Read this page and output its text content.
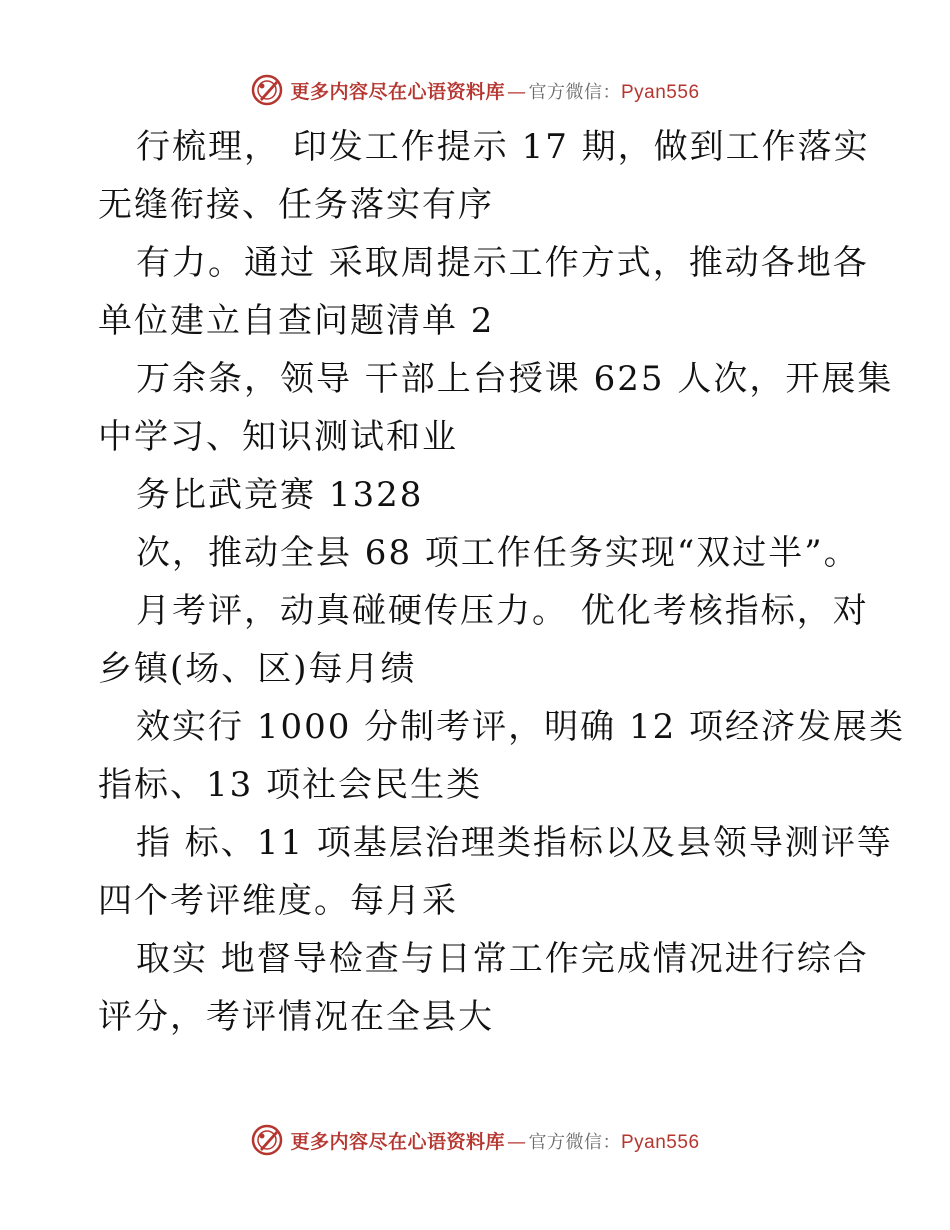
更多内容尽在心语资料库 — 官方微信： Pyan556
行梳理， 印发工作提示 17 期，做到工作落实
无缝衔接、任务落实有序
有力。通过 采取周提示工作方式，推动各地各
单位建立自查问题清单 2
万余条，领导 干部上台授课 625 人次，开展集
中学习、知识测试和业
务比武竞赛 1328
次，推动全县 68 项工作任务实现“双过半”。
月考评，动真碰硬传压力。 优化考核指标，对
乡镇(场、区)每月绩
效实行 1000 分制考评，明确 12 项经济发展类
指标、13 项社会民生类
指 标、11 项基层治理类指标以及县领导测评等
四个考评维度。每月采
取实 地督导检查与日常工作完成情况进行综合
评分，考评情况在全县大
更多内容尽在心语资料库 — 官方微信： Pyan556
